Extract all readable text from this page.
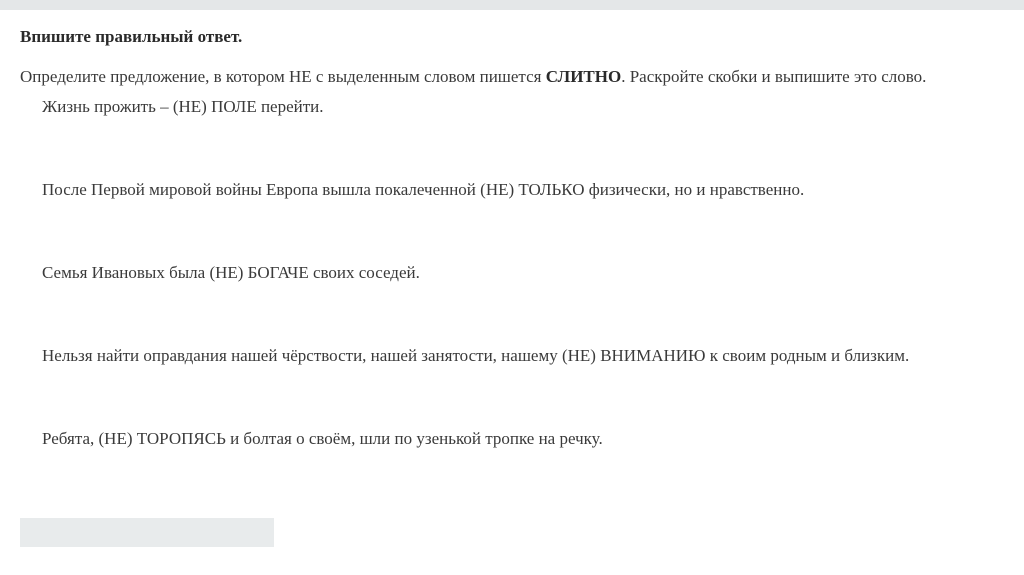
Впишите правильный ответ.
Определите предложение, в котором НЕ с выделенным словом пишется СЛИТНО. Раскройте скобки и выпишите это слово.
Жизнь прожить – (НЕ) ПОЛЕ перейти.
После Первой мировой войны Европа вышла покалеченной (НЕ) ТОЛЬКО физически, но и нравственно.
Семья Ивановых была (НЕ) БОГАЧЕ своих соседей.
Нельзя найти оправдания нашей чёрствости, нашей занятости, нашему (НЕ) ВНИМАНИЮ к своим родным и близким.
Ребята, (НЕ) ТОРОПЯСЬ и болтая о своём, шли по узенькой тропке на речку.
